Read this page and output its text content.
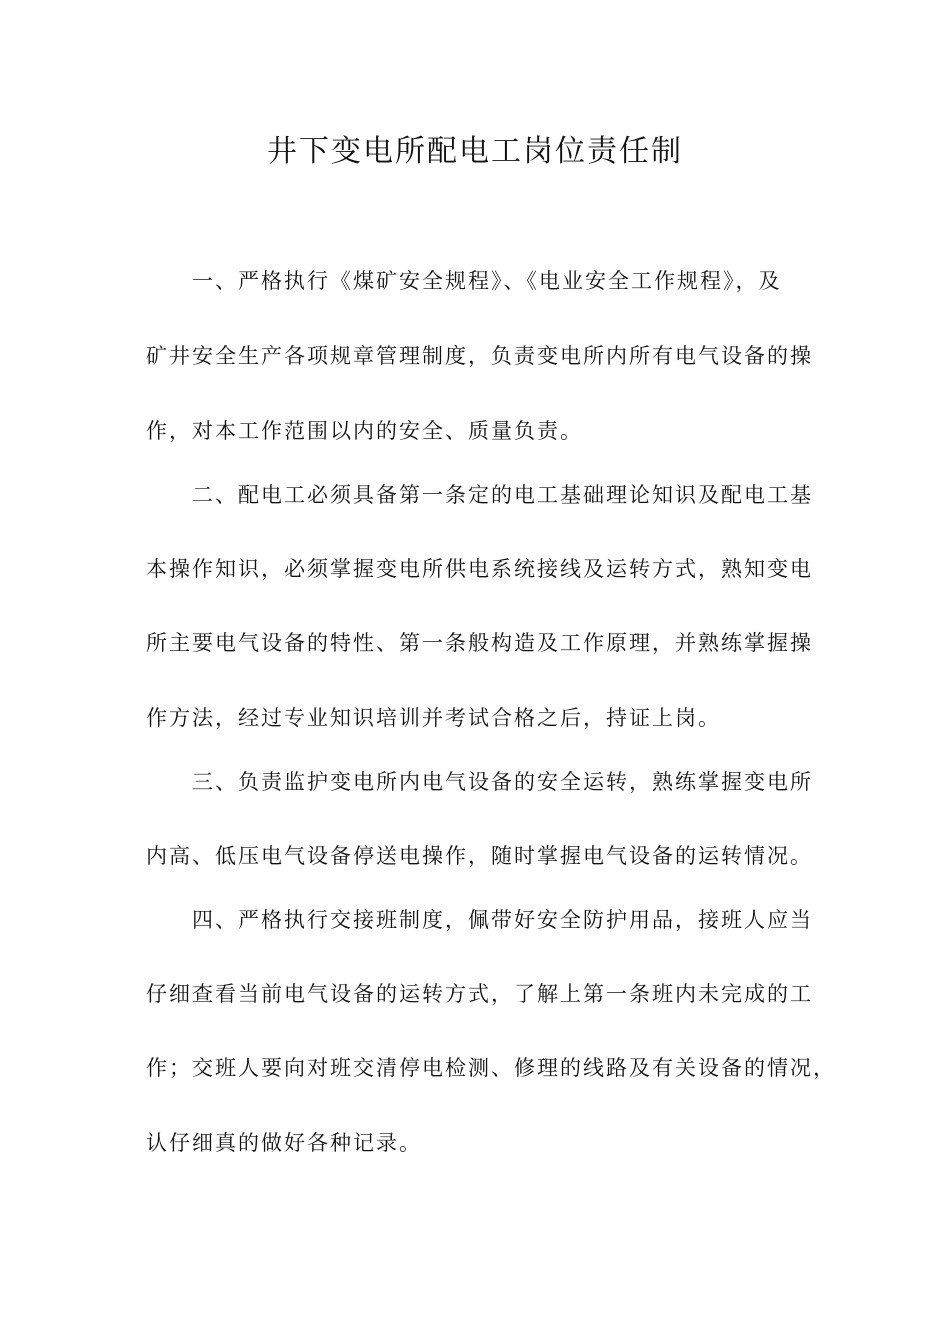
井下变电所配电工岗位责任制

一、严格执行《煤矿安全规程》、《电业安全工作规程》，及

矿井安全生产各项规章管理制度，负责变电所内所有电气设备的操

作，对本工作范围以内的安全、质量负责。

二、配电工必须具备第一条定的电工基础理论知识及配电工基

本操作知识，必须掌握变电所供电系统接线及运转方式，熟知变电

所主要电气设备的特性、第一条般构造及工作原理，并熟练掌握操

作方法，经过专业知识培训并考试合格之后，持证上岗。

三、负责监护变电所内电气设备的安全运转，熟练掌握变电所

内高、低压电气设备停送电操作，随时掌握电气设备的运转情况。

四、严格执行交接班制度，佩带好安全防护用品，接班人应当

仔细查看当前电气设备的运转方式，了解上第一条班内未完成的工

作；交班人要向对班交清停电检测、修理的线路及有关设备的情况，

认仔细真的做好各种记录。
